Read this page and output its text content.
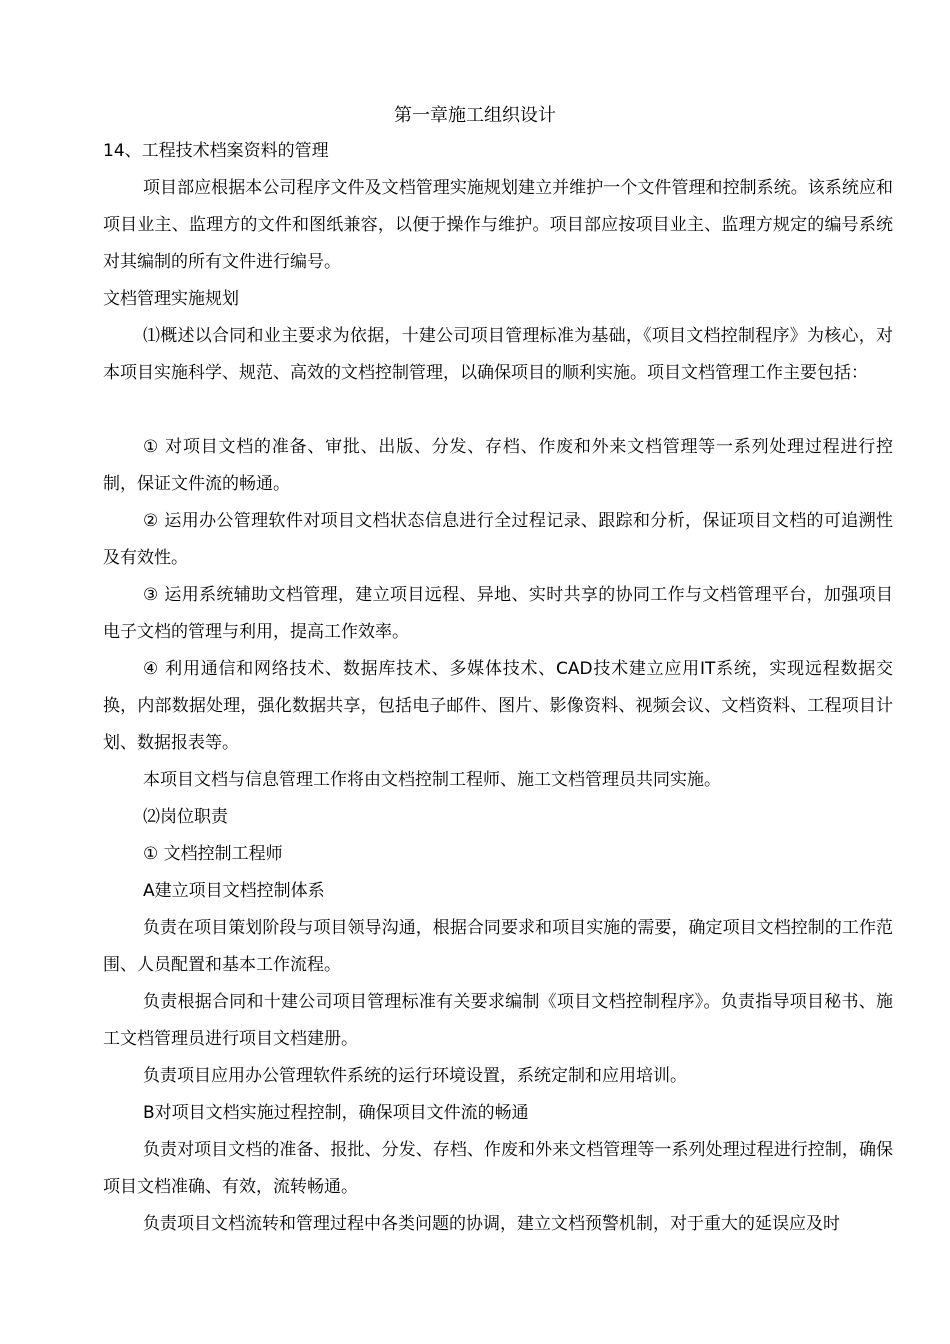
第一章施工组织设计
14、工程技术档案资料的管理
项目部应根据本公司程序文件及文档管理实施规划建立并维护一个文件管理和控制系统。该系统应和项目业主、监理方的文件和图纸兼容，以便于操作与维护。项目部应按项目业主、监理方规定的编号系统对其编制的所有文件进行编号。
文档管理实施规划
⑴概述以合同和业主要求为依据，十建公司项目管理标准为基础，《项目文档控制程序》为核心，对本项目实施科学、规范、高效的文档控制管理，以确保项目的顺利实施。项目文档管理工作主要包括：
① 对项目文档的准备、审批、出版、分发、存档、作废和外来文档管理等一系列处理过程进行控制，保证文件流的畅通。
② 运用办公管理软件对项目文档状态信息进行全过程记录、跟踪和分析，保证项目文档的可追溯性及有效性。
③ 运用系统辅助文档管理，建立项目远程、异地、实时共享的协同工作与文档管理平台，加强项目电子文档的管理与利用，提高工作效率。
④ 利用通信和网络技术、数据库技术、多媒体技术、CAD技术建立应用IT系统，实现远程数据交换，内部数据处理，强化数据共享，包括电子邮件、图片、影像资料、视频会议、文档资料、工程项目计划、数据报表等。
本项目文档与信息管理工作将由文档控制工程师、施工文档管理员共同实施。
⑵岗位职责
① 文档控制工程师
A建立项目文档控制体系
负责在项目策划阶段与项目领导沟通，根据合同要求和项目实施的需要，确定项目文档控制的工作范围、人员配置和基本工作流程。
负责根据合同和十建公司项目管理标准有关要求编制《项目文档控制程序》。负责指导项目秘书、施工文档管理员进行项目文档建册。
负责项目应用办公管理软件系统的运行环境设置，系统定制和应用培训。
B对项目文档实施过程控制，确保项目文件流的畅通
负责对项目文档的准备、报批、分发、存档、作废和外来文档管理等一系列处理过程进行控制，确保项目文档准确、有效，流转畅通。
负责项目文档流转和管理过程中各类问题的协调，建立文档预警机制，对于重大的延误应及时
